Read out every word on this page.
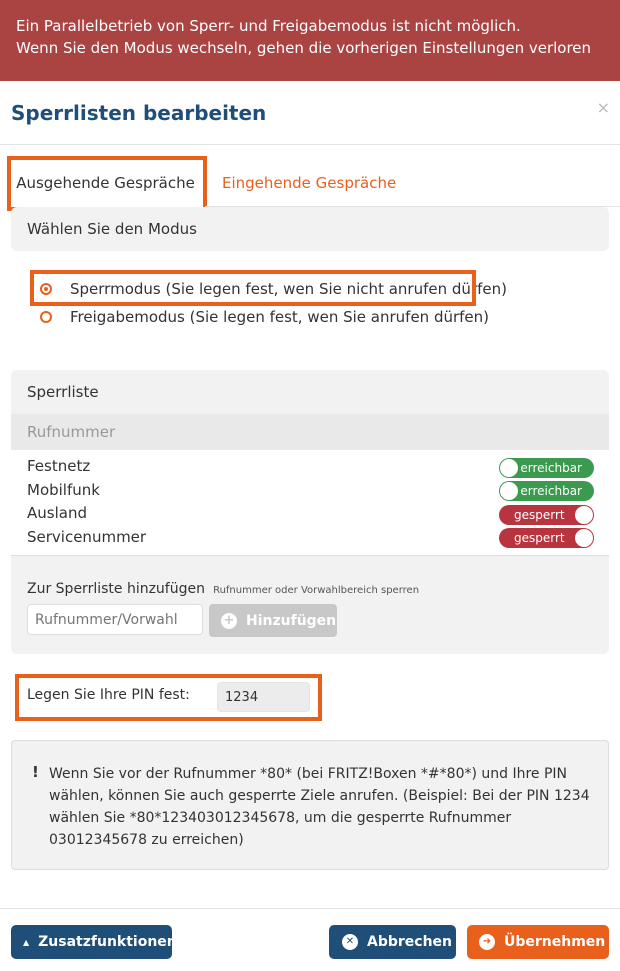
Ein Parallelbetrieb von Sperr- und Freigabemodus ist nicht möglich.
Wenn Sie den Modus wechseln, gehen die vorherigen Einstellungen verloren
Sperrlisten bearbeiten	×
Ausgehende Gespräche	Eingehende Gespräche
Wählen Sie den Modus
Sperrmodus (Sie legen fest, wen Sie nicht anrufen dürfen)
Freigabemodus (Sie legen fest, wen Sie anrufen dürfen)
Sperrliste
Rufnummer
Festnetz	erreichbar
Mobilfunk	erreichbar
Ausland	gesperrt
Servicenummer	gesperrt
Zur Sperrliste hinzufügen Rufnummer oder Vorwahlbereich sperren
Rufnummer/Vorwahl
+ Hinzufügen
Legen Sie Ihre PIN fest:	1234
! Wenn Sie vor der Rufnummer *80* (bei FRITZ!Boxen *#*80*) und Ihre PIN wählen, können Sie auch gesperrte Ziele anrufen. (Beispiel: Bei der PIN 1234 wählen Sie *80*123403012345678, um die gesperrte Rufnummer 03012345678 zu erreichen)
▲ Zusatzfunktionen	✕ Abbrechen	➜ Übernehmen
